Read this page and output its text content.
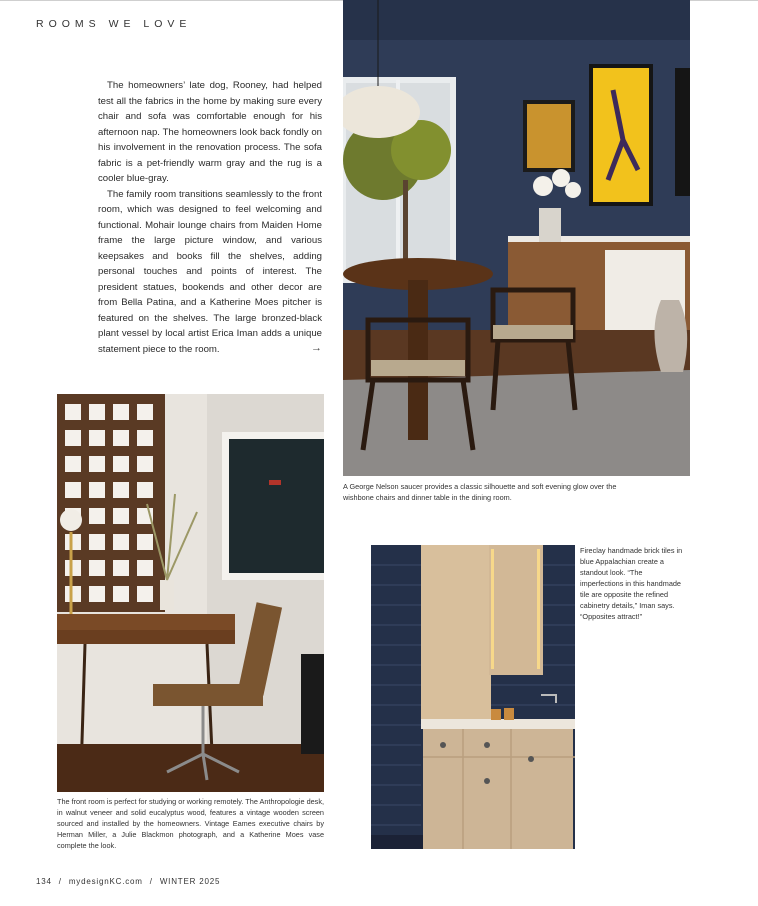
ROOMS WE LOVE

The homeowners’ late dog, Rooney, had helped test all the fabrics in the home by making sure every chair and sofa was comfortable enough for his afternoon nap. The homeowners look back fondly on his involvement in the renovation process. The sofa fabric is a pet-friendly warm gray and the rug is a cooler blue-gray.

The family room transitions seamlessly to the front room, which was designed to feel welcoming and functional. Mohair lounge chairs from Maiden Home frame the large picture window, and various keepsakes and books fill the shelves, adding personal touches and points of interest. The president statues, bookends and other decor are from Bella Patina, and a Katherine Moes pitcher is featured on the shelves. The large bronzed-black plant vessel by local artist Erica Iman adds a unique statement piece to the room.	→
A George Nelson saucer provides a classic silhouette and soft evening glow over the wishbone chairs and dinner table in the dining room.
The front room is perfect for studying or working remotely. The Anthropologie desk, in walnut veneer and solid eucalyptus wood, features a vintage wooden screen sourced and installed by the homeowners. Vintage Eames executive chairs by Herman Miller, a Julie Blackmon photograph, and a Katherine Moes vase complete the look.
Fireclay handmade brick tiles in blue Appalachian create a standout look. “The imperfections in this handmade tile are opposite the refined cabinetry details,” Iman says. “Opposites attract!”
134 / mydesignKC.com / WINTER 2025
